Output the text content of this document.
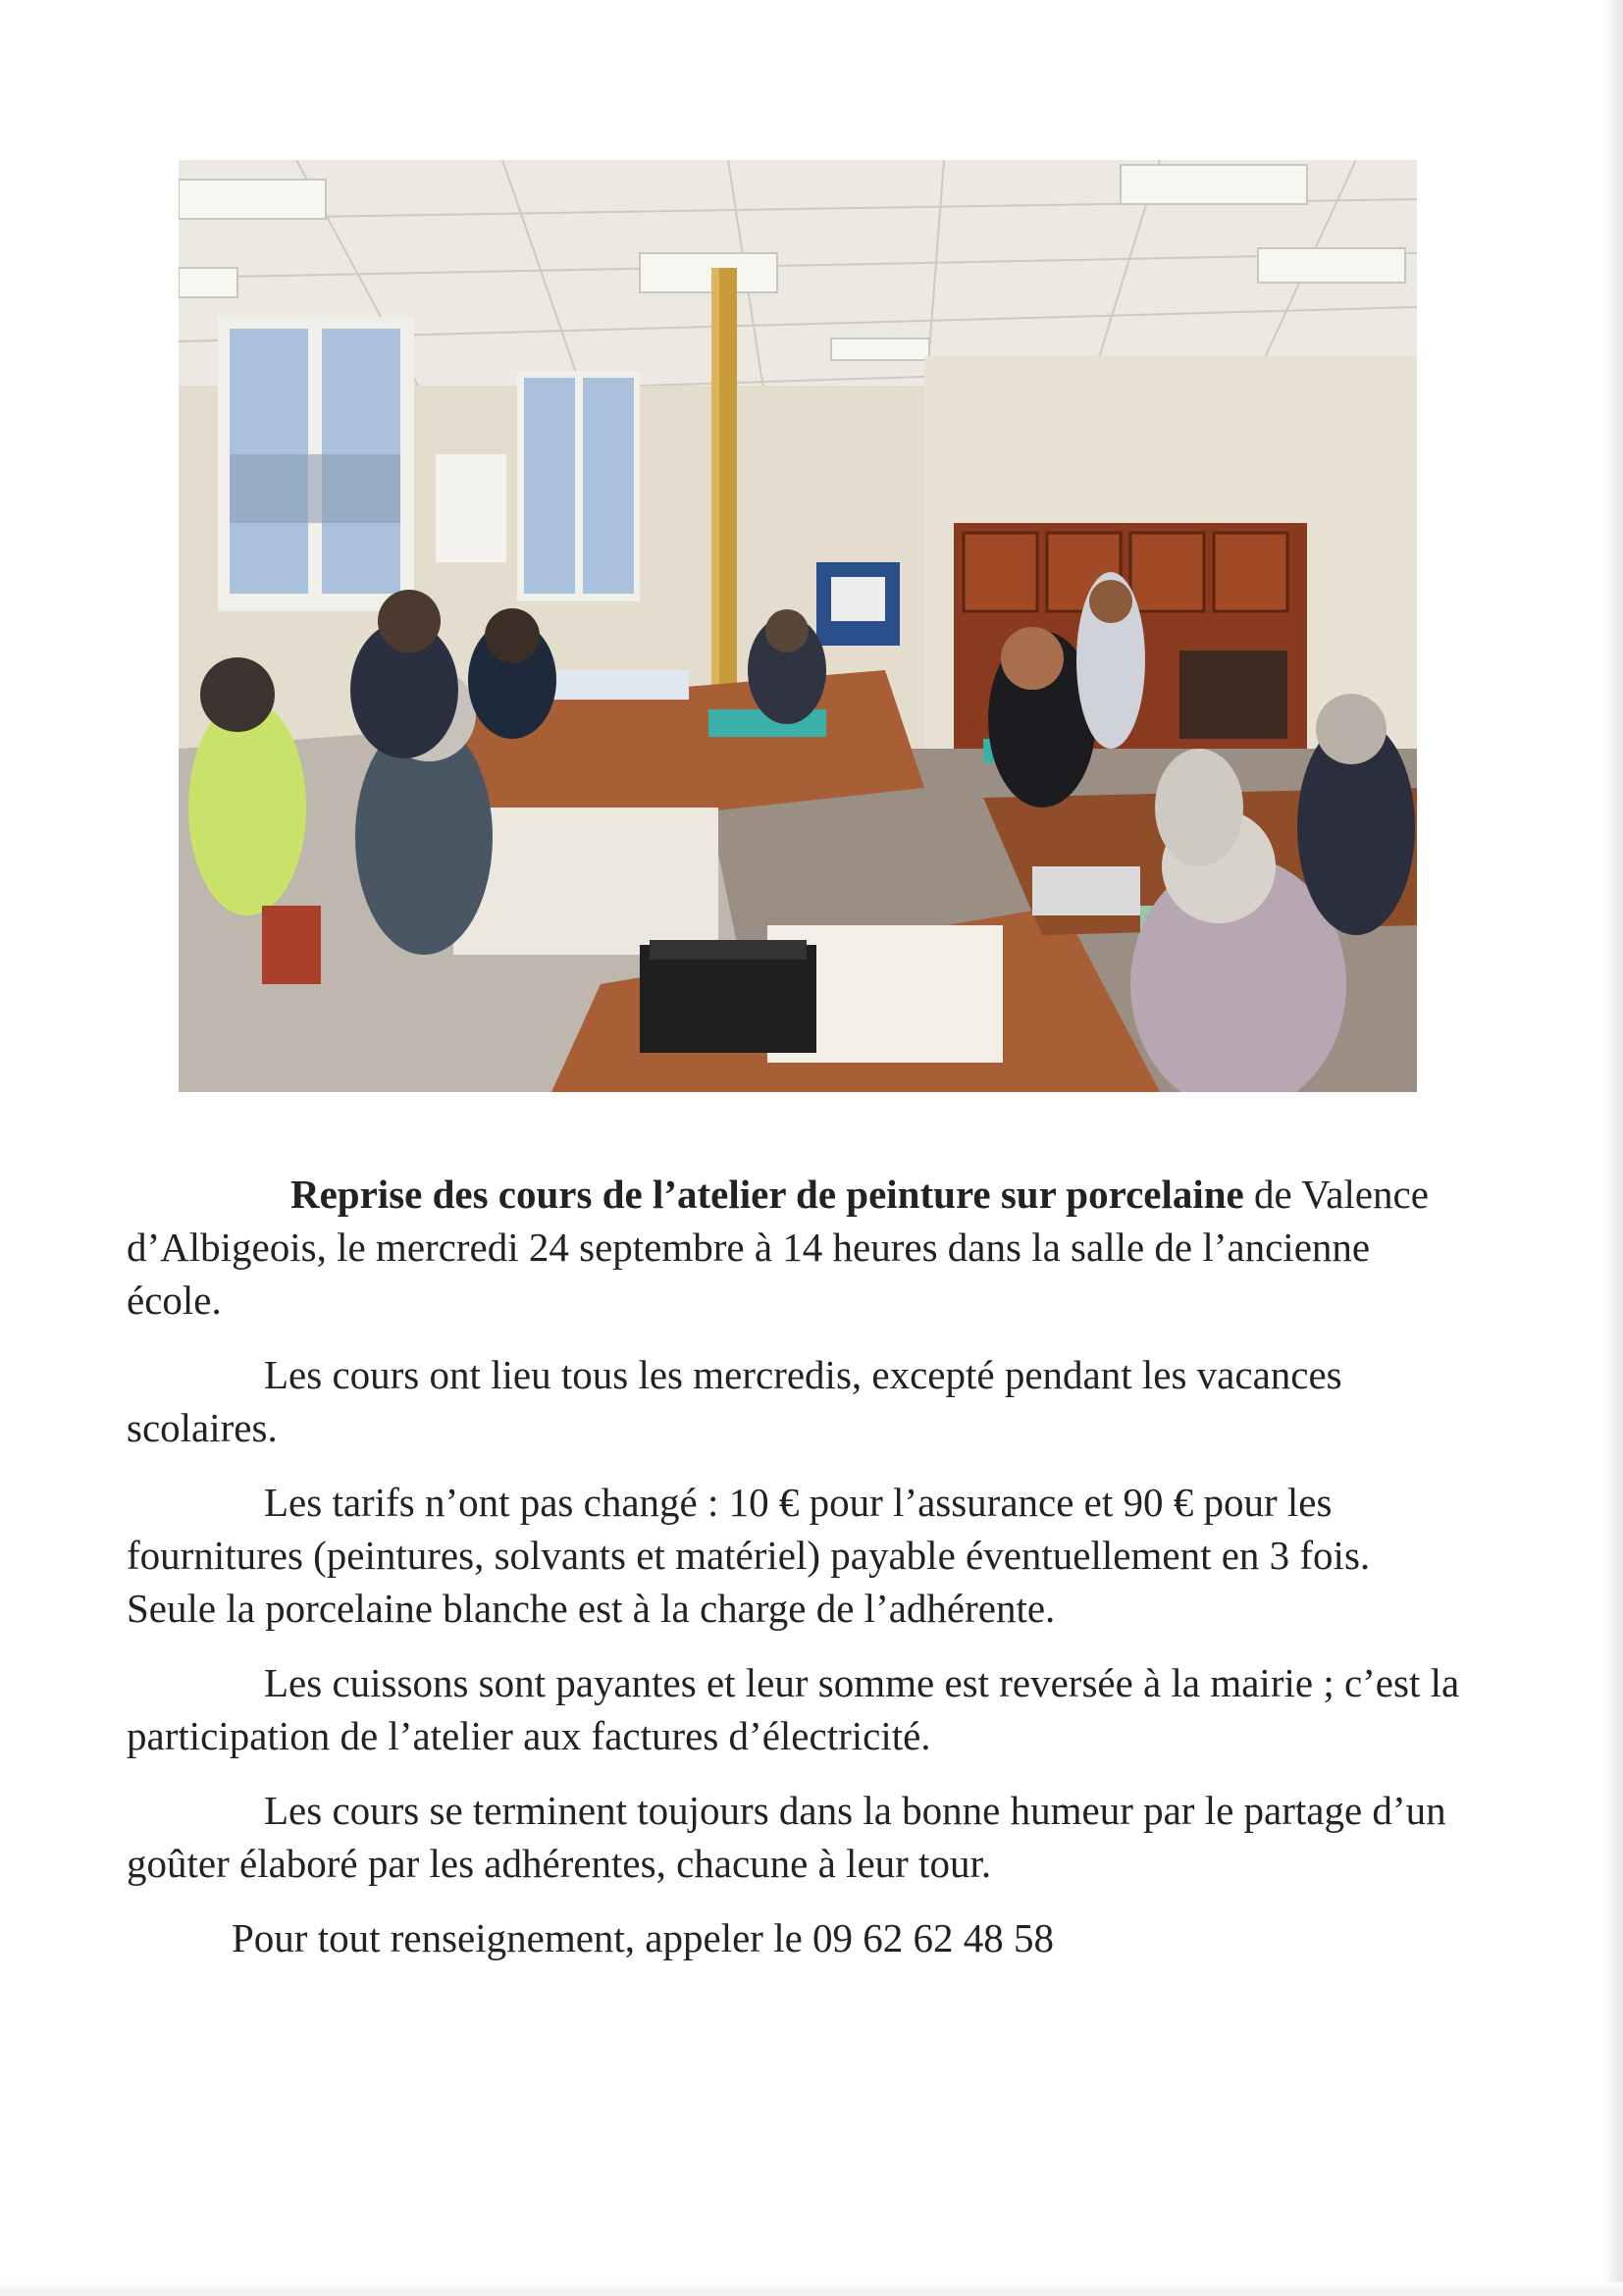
Reprise des cours de l’atelier de peinture sur porcelaine de Valence d’Albigeois, le mercredi 24 septembre à 14 heures dans la salle de l’ancienne école.

Les cours ont lieu tous les mercredis, excepté pendant les vacances scolaires.

Les tarifs n’ont pas changé : 10 € pour l’assurance et 90 € pour les fournitures (peintures, solvants et matériel) payable éventuellement en 3 fois. Seule la porcelaine blanche est à la charge de l’adhérente.

Les cuissons sont payantes et leur somme est reversée à la mairie ; c’est la participation de l’atelier aux factures d’électricité.

Les cours se terminent toujours dans la bonne humeur par le partage d’un goûter élaboré par les adhérentes, chacune à leur tour.

Pour tout renseignement, appeler le 09 62 62 48 58
